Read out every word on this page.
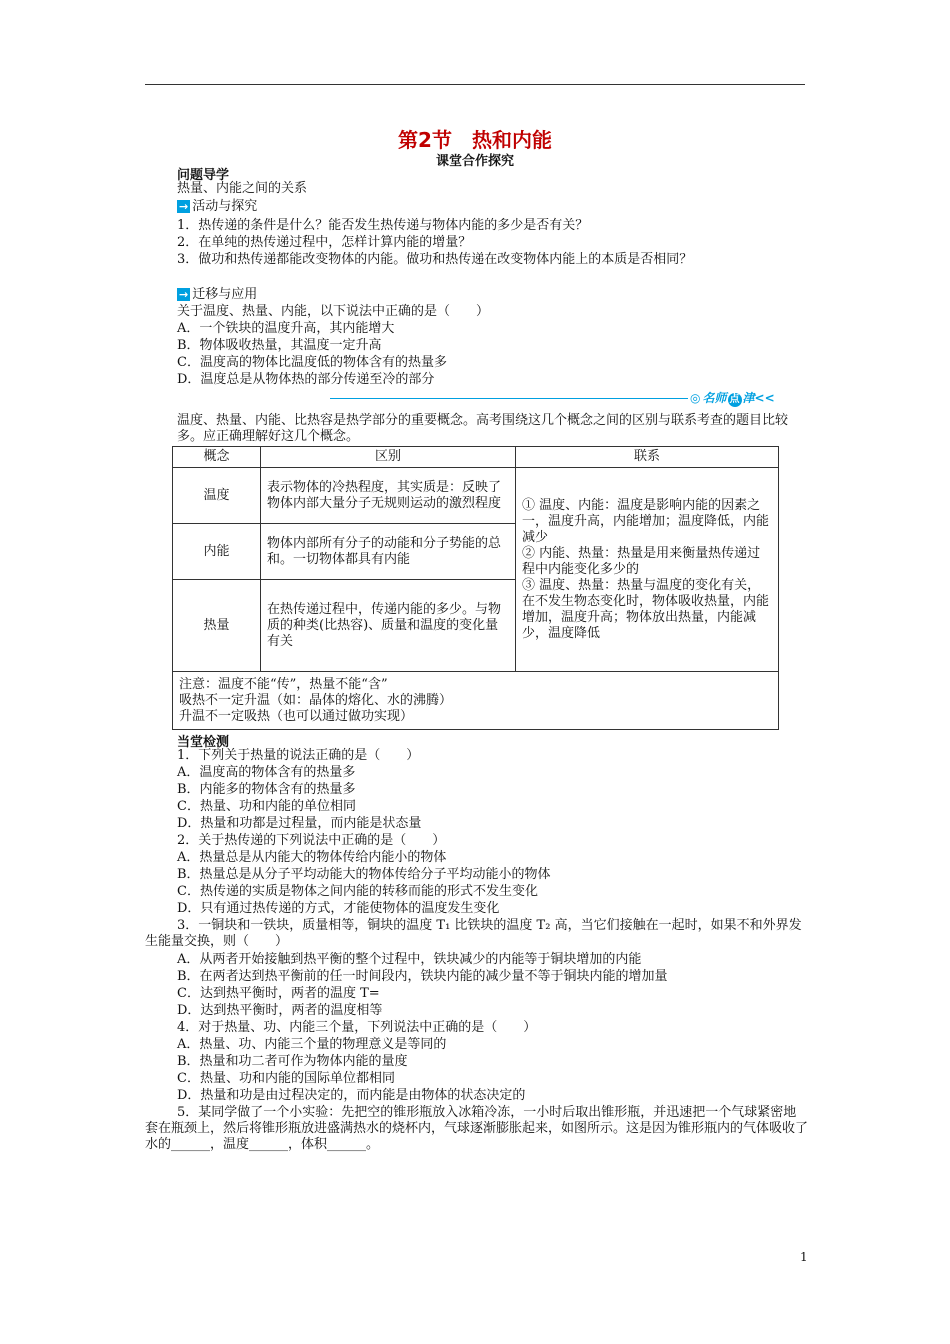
第2节　热和内能
课堂合作探究
问题导学
热量、内能之间的关系
→ 活动与探究
1．热传递的条件是什么？能否发生热传递与物体内能的多少是否有关？
2．在单纯的热传递过程中，怎样计算内能的增量？
3．做功和热传递都能改变物体的内能。做功和热传递在改变物体内能上的本质是否相同？
→ 迁移与应用
关于温度、热量、内能，以下说法中正确的是（　　）
A．一个铁块的温度升高，其内能增大
B．物体吸收热量，其温度一定升高
C．温度高的物体比温度低的物体含有的热量多
D．温度总是从物体热的部分传递至冷的部分
◎ 名师 点 津<<
温度、热量、内能、比热容是热学部分的重要概念。高考围绕这几个概念之间的区别与联系考查的题目比较多。应正确理解好这几个概念。
概念	区别	联系
温度	表示物体的冷热程度，其实质是：反映了物体内部大量分子无规则运动的激烈程度	① 温度、内能：温度是影响内能的因素之一，温度升高，内能增加；温度降低，内能减少
② 内能、热量：热量是用来衡量热传递过程中内能变化多少的
③ 温度、热量：热量与温度的变化有关，在不发生物态变化时，物体吸收热量，内能增加，温度升高；物体放出热量，内能减少，温度降低
内能	物体内部所有分子的动能和分子势能的总和。一切物体都具有内能	
热量	在热传递过程中，传递内能的多少。与物质的种类(比热容)、质量和温度的变化量有关	

注意：温度不能“传”，热量不能“含”
吸热不一定升温（如：晶体的熔化、水的沸腾）
升温不一定吸热（也可以通过做功实现）		
当堂检测
1．下列关于热量的说法正确的是（　　）
A．温度高的物体含有的热量多
B．内能多的物体含有的热量多
C．热量、功和内能的单位相同
D．热量和功都是过程量，而内能是状态量
2．关于热传递的下列说法中正确的是（　　）
A．热量总是从内能大的物体传给内能小的物体
B．热量总是从分子平均动能大的物体传给分子平均动能小的物体
C．热传递的实质是物体之间内能的转移而能的形式不发生变化
D．只有通过热传递的方式，才能使物体的温度发生变化
3．一铜块和一铁块，质量相等，铜块的温度 T₁ 比铁块的温度 T₂ 高，当它们接触在一起时，如果不和外界发生能量交换，则（　　）
A．从两者开始接触到热平衡的整个过程中，铁块减少的内能等于铜块增加的内能
B．在两者达到热平衡前的任一时间段内，铁块内能的减少量不等于铜块内能的增加量
C．达到热平衡时，两者的温度 T=
D．达到热平衡时，两者的温度相等
4．对于热量、功、内能三个量，下列说法中正确的是（　　）
A．热量、功、内能三个量的物理意义是等同的
B．热量和功二者可作为物体内能的量度
C．热量、功和内能的国际单位都相同
D．热量和功是由过程决定的，而内能是由物体的状态决定的
5．某同学做了一个小实验：先把空的锥形瓶放入冰箱冷冻，一小时后取出锥形瓶，并迅速把一个气球紧密地套在瓶颈上，然后将锥形瓶放进盛满热水的烧杯内，气球逐渐膨胀起来，如图所示。这是因为锥形瓶内的气体吸收了水的______，温度______，体积______。
1
